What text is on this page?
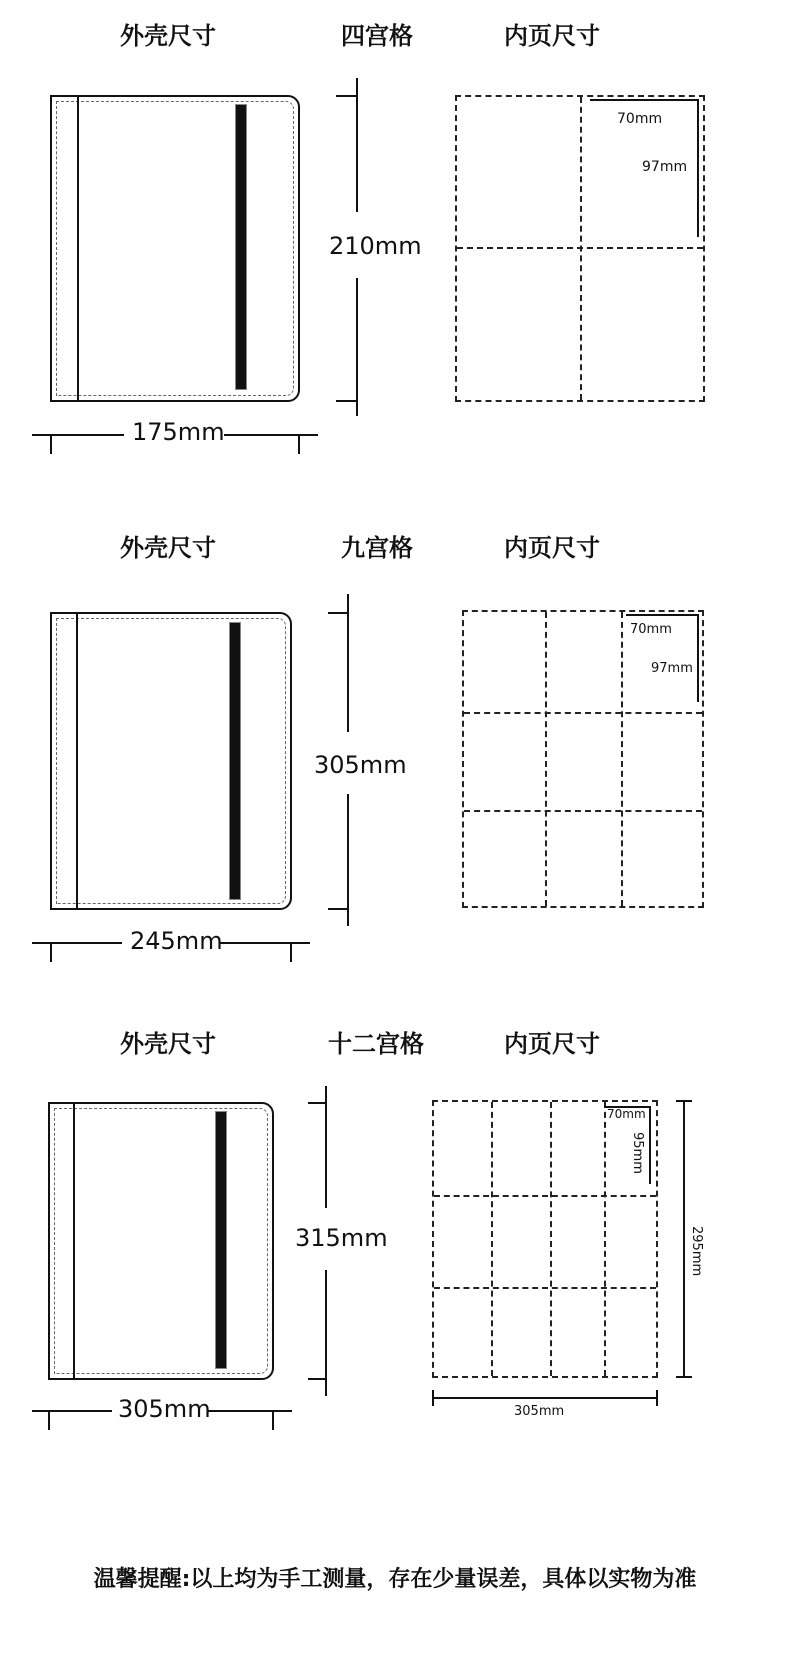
外壳尺寸	四宫格	内页尺寸
210mm
175mm
70mm
97mm
外壳尺寸	九宫格	内页尺寸
305mm
245mm
70mm
97mm
外壳尺寸	十二宫格	内页尺寸
315mm
305mm
70mm
95mm
295mm
305mm
温馨提醒:以上均为手工测量，存在少量误差，具体以实物为准
